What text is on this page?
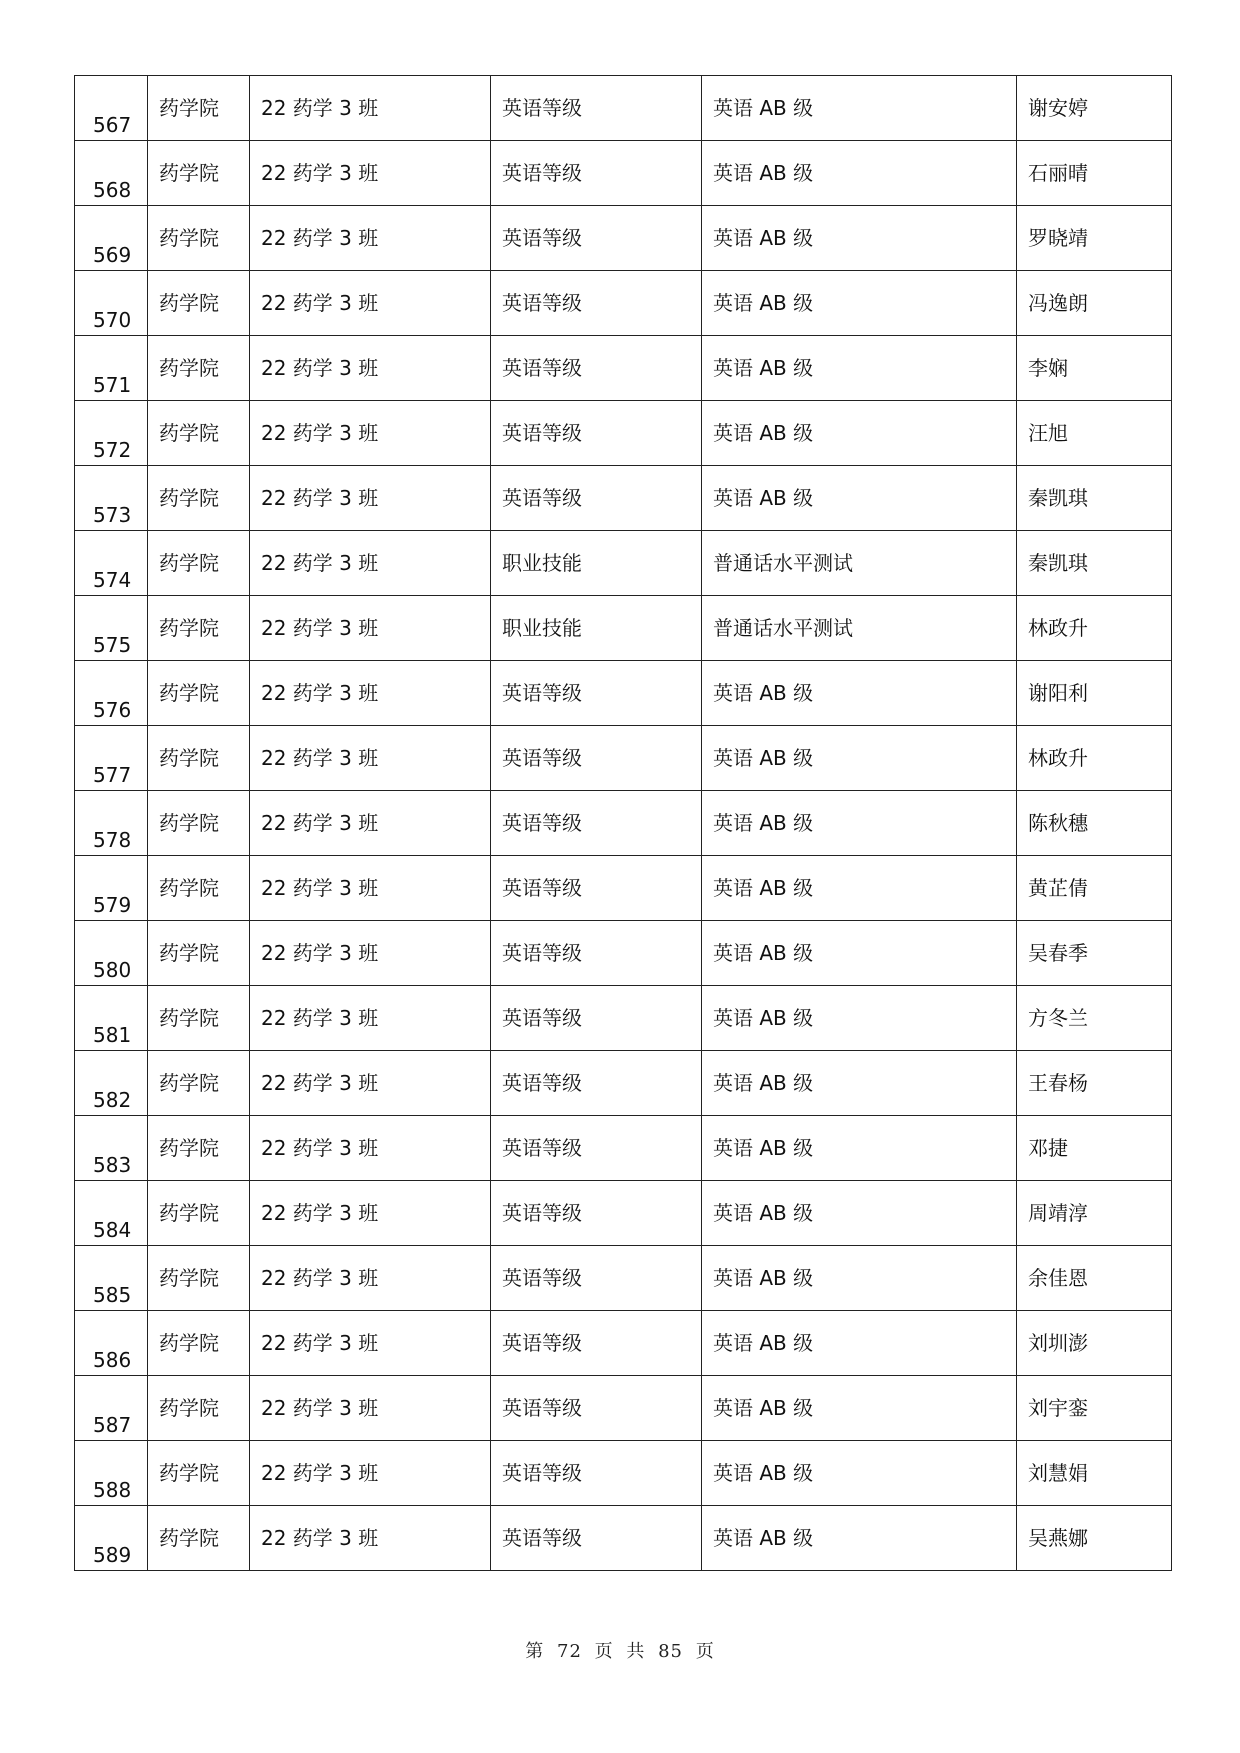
567	药学院	22 药学 3 班	英语等级	英语 AB 级	谢安婷
568	药学院	22 药学 3 班	英语等级	英语 AB 级	石丽晴
569	药学院	22 药学 3 班	英语等级	英语 AB 级	罗晓靖
570	药学院	22 药学 3 班	英语等级	英语 AB 级	冯逸朗
571	药学院	22 药学 3 班	英语等级	英语 AB 级	李娴
572	药学院	22 药学 3 班	英语等级	英语 AB 级	汪旭
573	药学院	22 药学 3 班	英语等级	英语 AB 级	秦凯琪
574	药学院	22 药学 3 班	职业技能	普通话水平测试	秦凯琪
575	药学院	22 药学 3 班	职业技能	普通话水平测试	林政升
576	药学院	22 药学 3 班	英语等级	英语 AB 级	谢阳利
577	药学院	22 药学 3 班	英语等级	英语 AB 级	林政升
578	药学院	22 药学 3 班	英语等级	英语 AB 级	陈秋穗
579	药学院	22 药学 3 班	英语等级	英语 AB 级	黄芷倩
580	药学院	22 药学 3 班	英语等级	英语 AB 级	吴春季
581	药学院	22 药学 3 班	英语等级	英语 AB 级	方冬兰
582	药学院	22 药学 3 班	英语等级	英语 AB 级	王春杨
583	药学院	22 药学 3 班	英语等级	英语 AB 级	邓捷
584	药学院	22 药学 3 班	英语等级	英语 AB 级	周靖淳
585	药学院	22 药学 3 班	英语等级	英语 AB 级	余佳恩
586	药学院	22 药学 3 班	英语等级	英语 AB 级	刘圳澎
587	药学院	22 药学 3 班	英语等级	英语 AB 级	刘宇銮
588	药学院	22 药学 3 班	英语等级	英语 AB 级	刘慧娟
589	药学院	22 药学 3 班	英语等级	英语 AB 级	吴燕娜
第 72 页 共 85 页
